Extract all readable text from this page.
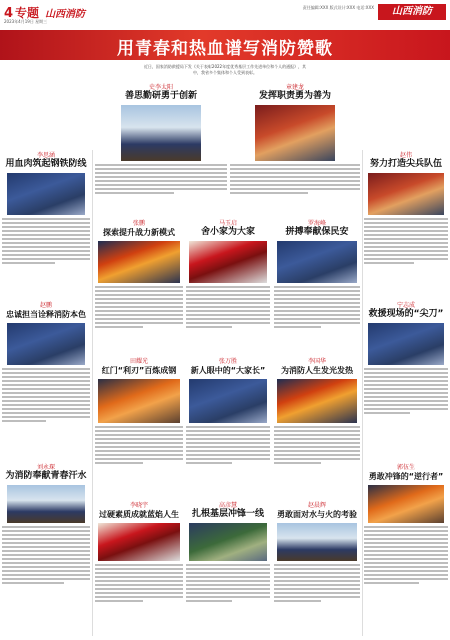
4 专题 山西消防
2023年4月19日 星期三
责任编辑:XXX 版式设计:XXX 电话:XXX	山西消防
用青春和热血谱写消防赞歌
近日，国家消防救援局下发《关于表彰2022年度优秀基层工作先进单位和个人的通报》，其中，我省多个集体和个人受到表彰。
李思涵
用血肉筑起钢铁防线
赵鹏
忠诚担当诠释消防本色
刘永琛
为消防奉献青春汗水
史李太阳
善思勤研勇于创新
张鹏
探索提升战力新模式
田耀光
红门“利刃”百炼成钢
李晓宇
过硬素质成就蓝焰人生
马玉启
舍小家为大家
张万胜
新人眼中的“大家长”
高彦慧
扎根基层冲锋一线
章建龙
发挥职责勇为善为
罗海峰
拼搏奉献保民安
李国华
为消防人生发光发热
赵晨辉
勇敢面对水与火的考验
赵伟
努力打造尖兵队伍
宁志成
救援现场的“尖刀”
郭伍生
勇敢冲锋的“逆行者”
